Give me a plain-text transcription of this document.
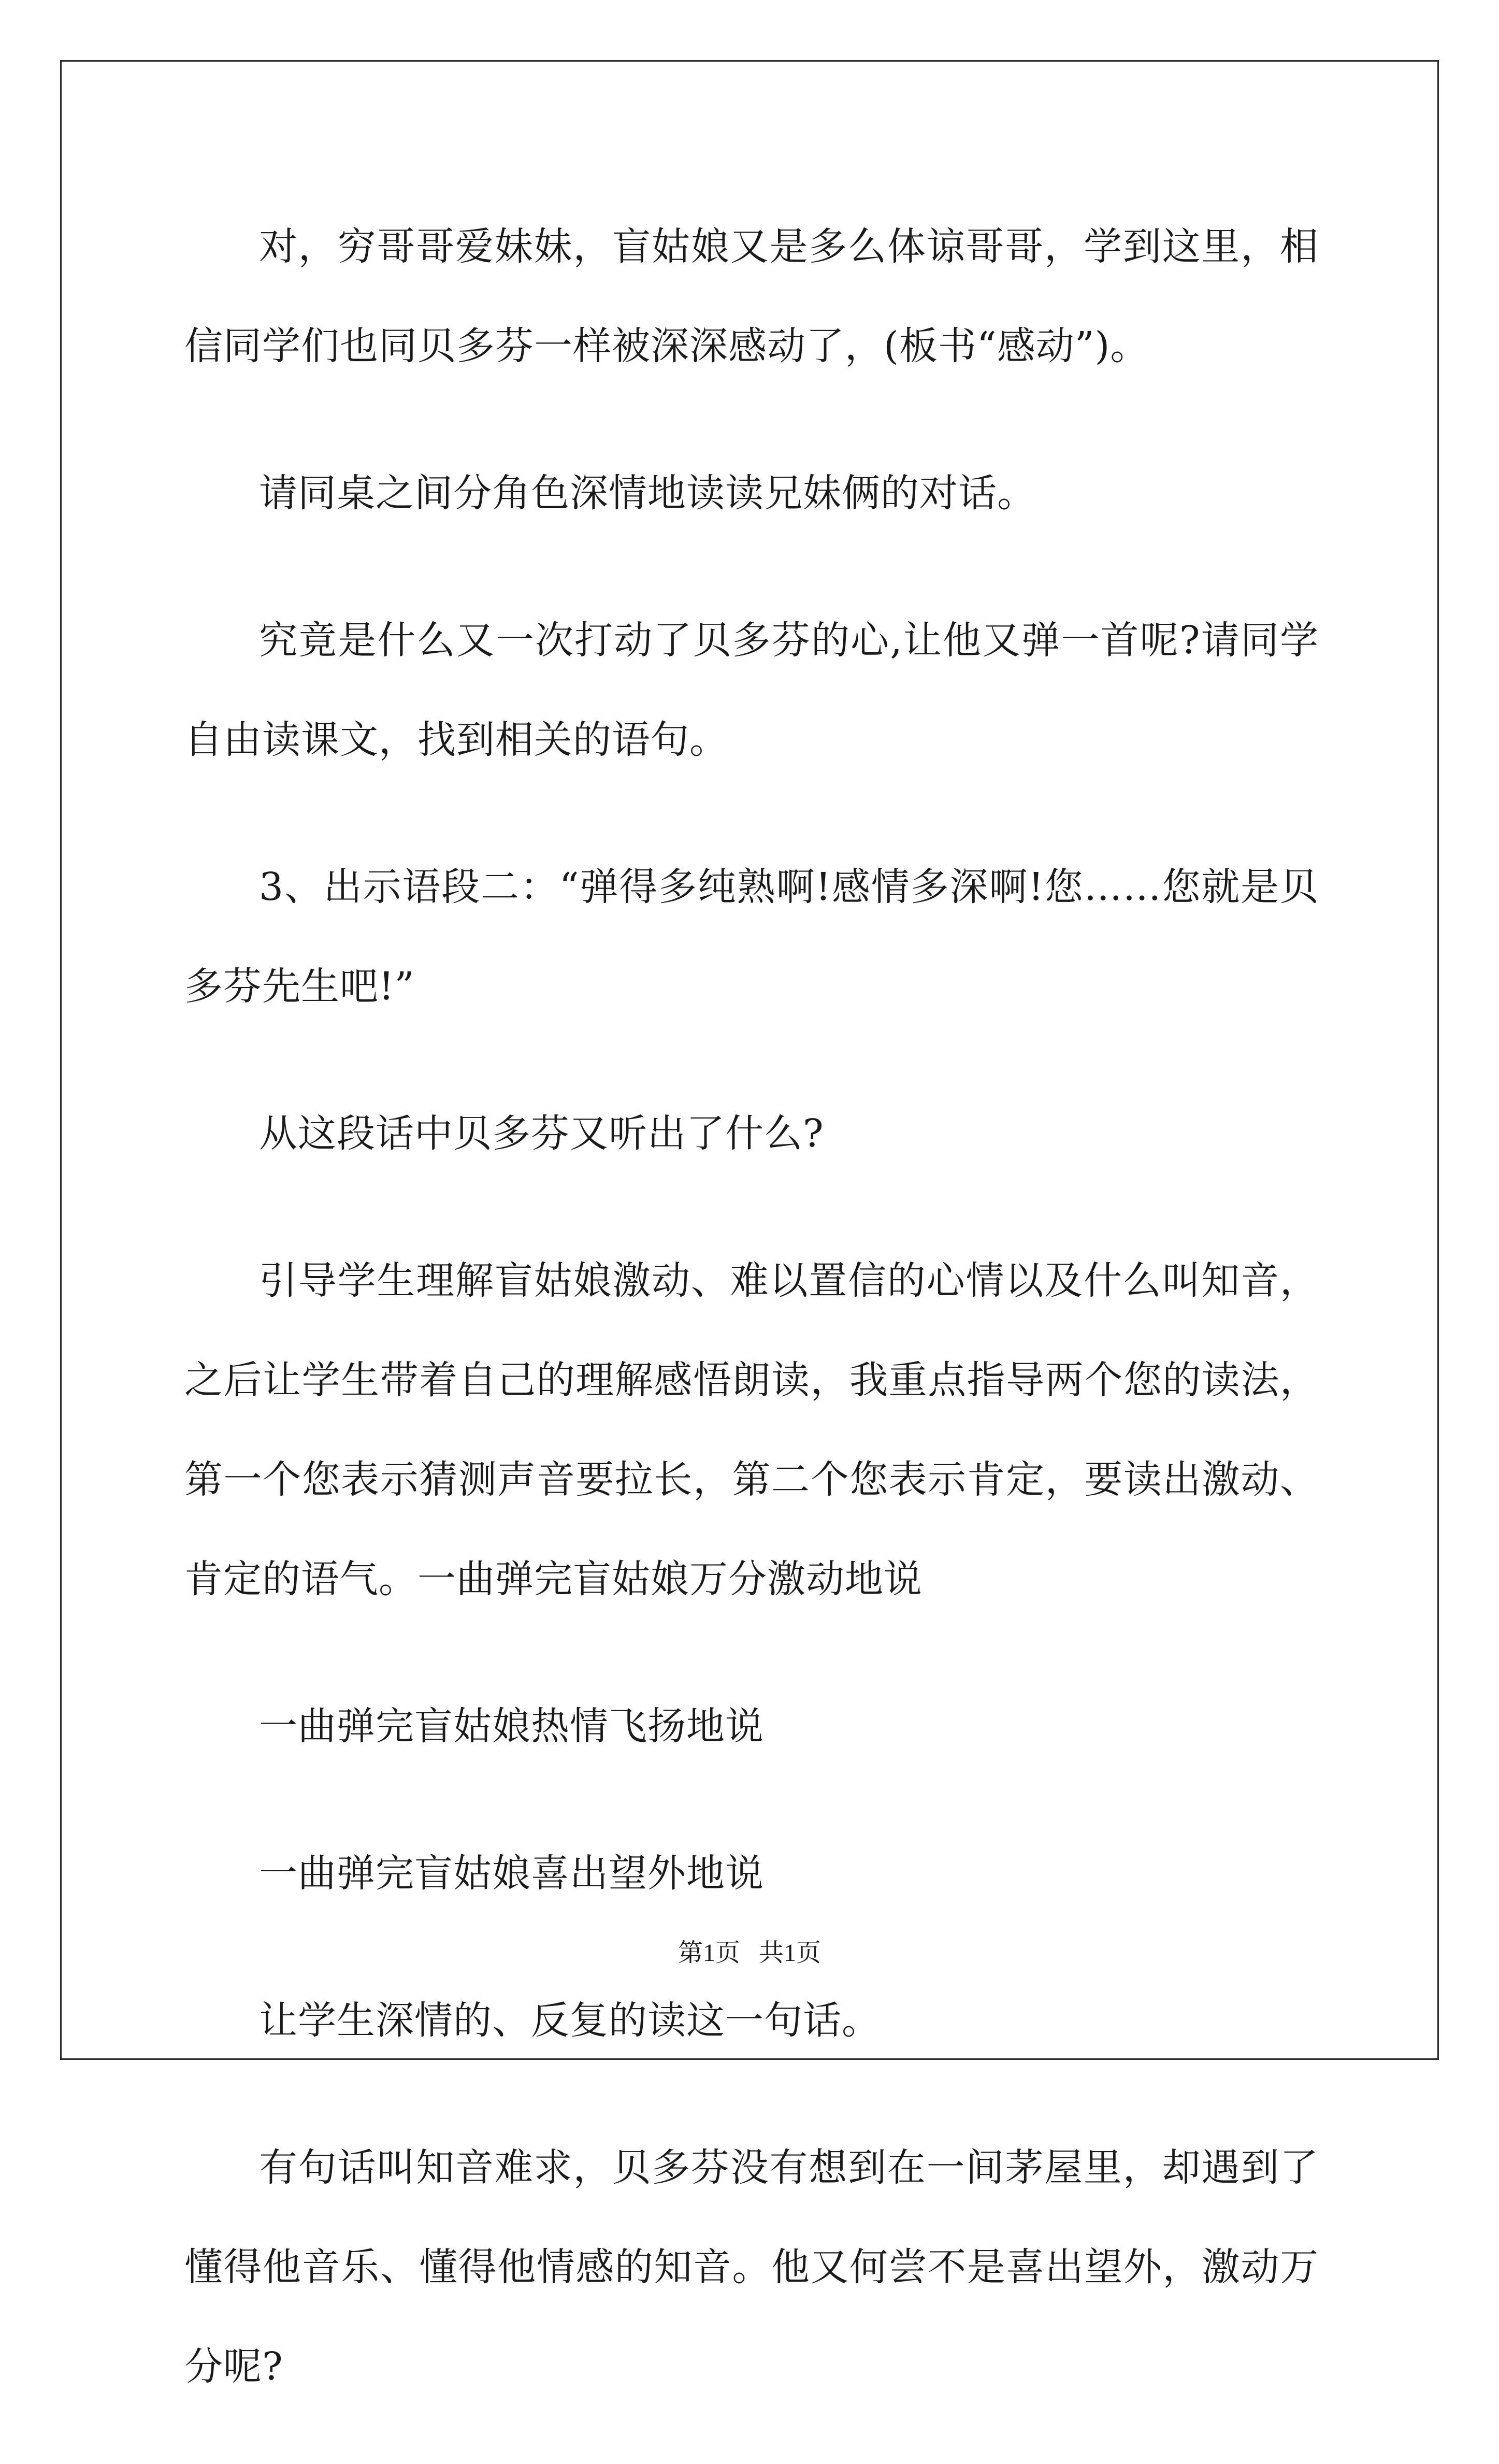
对，穷哥哥爱妹妹，盲姑娘又是多么体谅哥哥，学到这里，相信同学们也同贝多芬一样被深深感动了，(板书“感动”)。

请同桌之间分角色深情地读读兄妹俩的对话。

究竟是什么又一次打动了贝多芬的心,让他又弹一首呢?请同学自由读课文，找到相关的语句。

3、出示语段二：“弹得多纯熟啊!感情多深啊!您……您就是贝多芬先生吧!”

从这段话中贝多芬又听出了什么?

引导学生理解盲姑娘激动、难以置信的心情以及什么叫知音，之后让学生带着自己的理解感悟朗读，我重点指导两个您的读法，第一个您表示猜测声音要拉长，第二个您表示肯定，要读出激动、肯定的语气。一曲弹完盲姑娘万分激动地说

一曲弹完盲姑娘热情飞扬地说

一曲弹完盲姑娘喜出望外地说

让学生深情的、反复的读这一句话。

有句话叫知音难求，贝多芬没有想到在一间茅屋里，却遇到了懂得他音乐、懂得他情感的知音。他又何尝不是喜出望外，激动万分呢?

第1页 共1页
